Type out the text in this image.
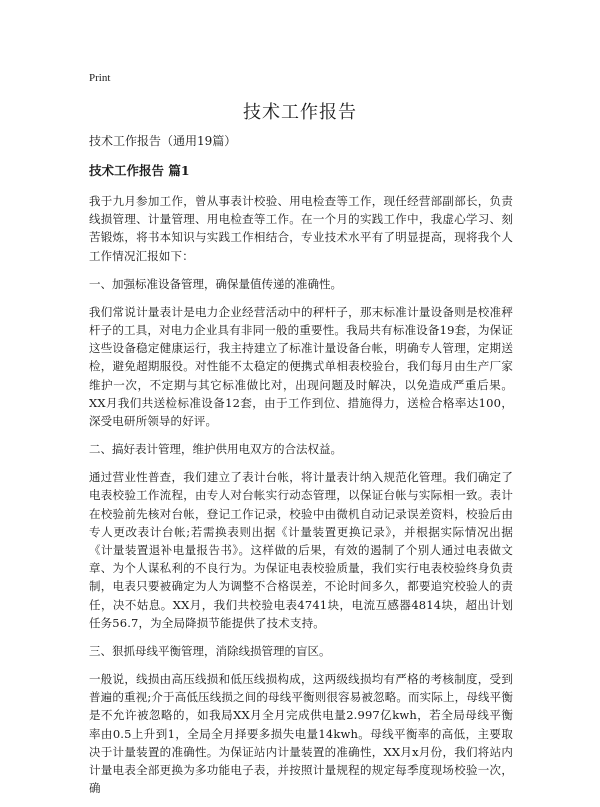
Print
技术工作报告

技术工作报告（通用19篇）

技术工作报告 篇1

我于九月参加工作，曾从事表计校验、用电检查等工作，现任经营部副部长，负责线损管理、计量管理、用电检查等工作。在一个月的实践工作中，我虚心学习、刻苦锻炼，将书本知识与实践工作相结合，专业技术水平有了明显提高，现将我个人工作情况汇报如下：

一、加强标准设备管理，确保量值传递的准确性。

我们常说计量表计是电力企业经营活动中的秤杆子，那末标准计量设备则是校准秤杆子的工具，对电力企业具有非同一般的重要性。我局共有标准设备19套，为保证这些设备稳定健康运行，我主持建立了标准计量设备台帐，明确专人管理，定期送检，避免超期服役。对性能不太稳定的便携式单相表校验台，我们每月由生产厂家维护一次，不定期与其它标准做比对，出现问题及时解决，以免造成严重后果。XX月我们共送检标准设备12套，由于工作到位、措施得力，送检合格率达100，深受电研所领导的好评。

二、搞好表计管理，维护供用电双方的合法权益。

通过营业性普查，我们建立了表计台帐，将计量表计纳入规范化管理。我们确定了电表校验工作流程，由专人对台帐实行动态管理，以保证台帐与实际相一致。表计在校验前先核对台帐，登记工作记录，校验中由微机自动记录误差资料，校验后由专人更改表计台帐;若需换表则出据《计量装置更换记录》，并根据实际情况出据《计量装置退补电量报告书》。这样做的后果，有效的遏制了个别人通过电表做文章、为个人谋私利的不良行为。为保证电表校验质量，我们实行电表校验终身负责制，电表只要被确定为人为调整不合格误差，不论时间多久，都要追究校验人的责任，决不姑息。XX月，我们共校验电表4741块，电流互感器4814块，超出计划任务56.7，为全局降损节能提供了技术支持。

三、狠抓母线平衡管理，消除线损管理的盲区。

一般说，线损由高压线损和低压线损构成，这两级线损均有严格的考核制度，受到普遍的重视;介于高低压线损之间的母线平衡则很容易被忽略。而实际上，母线平衡是不允许被忽略的，如我局XX月全月完成供电量2.997亿kwh，若全局母线平衡率由0.5上升到1，全局全月择要多损失电量14kwh。母线平衡率的高低，主要取决于计量装置的准确性。为保证站内计量装置的准确性，XX月x月份，我们将站内计量电表全部更换为多功能电子表，并按照计量规程的规定每季度现场校验一次，确
